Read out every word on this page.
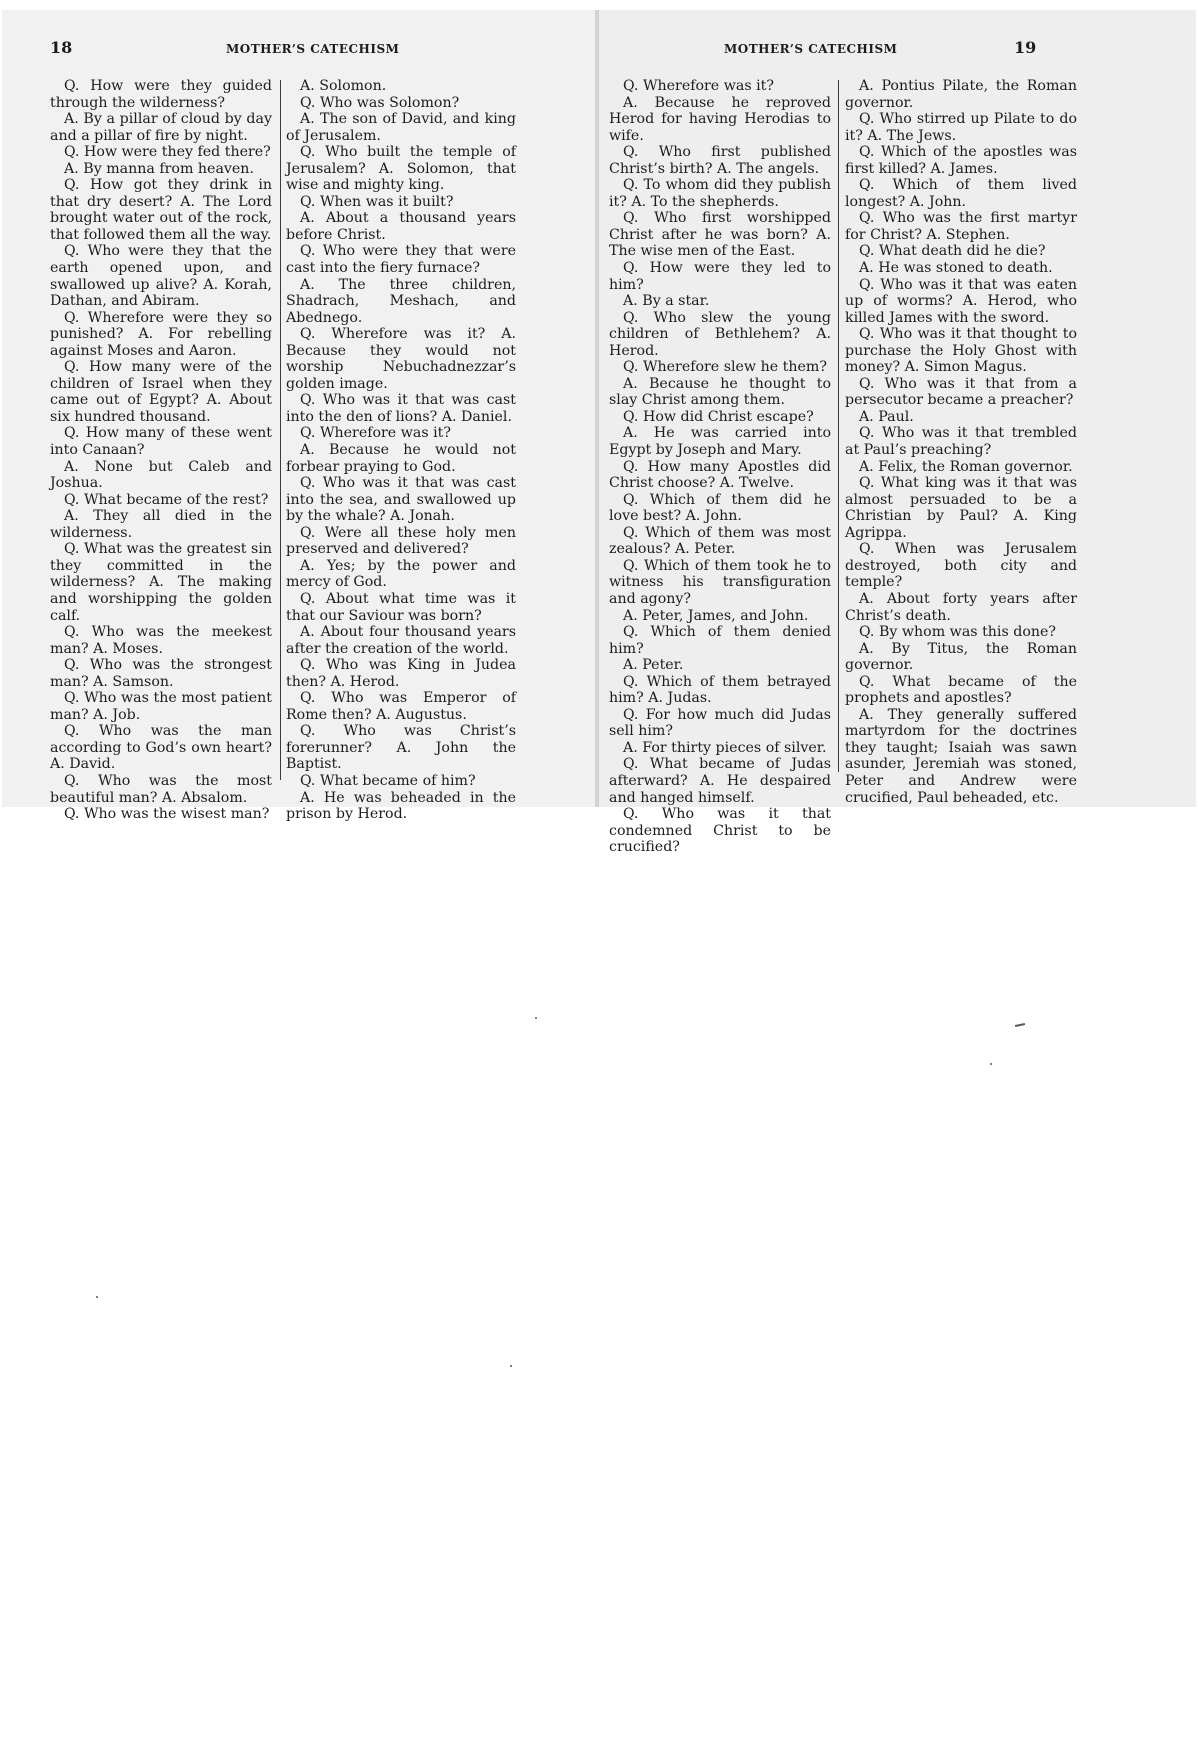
18	MOTHER’S CATECHISM

Q. How were they guided through the wilderness?

A. By a pillar of cloud by day and a pillar of fire by night.

Q. How were they fed there?

A. By manna from heaven.

Q. How got they drink in that dry desert? A. The Lord brought water out of the rock, that followed them all the way.

Q. Who were they that the earth opened upon, and swallowed up alive? A. Korah, Dathan, and Abiram.

Q. Wherefore were they so punished? A. For rebelling against Moses and Aaron.

Q. How many were of the children of Israel when they came out of Egypt? A. About six hundred thousand.

Q. How many of these went into Canaan?

A. None but Caleb and Joshua.

Q. What became of the rest?

A. They all died in the wilderness.

Q. What was the greatest sin they committed in the wilderness? A. The making and worshipping the golden calf.

Q. Who was the meekest man? A. Moses.

Q. Who was the strongest man? A. Samson.

Q. Who was the most patient man? A. Job.

Q. Who was the man according to God’s own heart? A. David.

Q. Who was the most beautiful man? A. Absalom.

Q. Who was the wisest man?

A. Solomon.

Q. Who was Solomon?

A. The son of David, and king of Jerusalem.

Q. Who built the temple of Jerusalem? A. Solomon, that wise and mighty king.

Q. When was it built?

A. About a thousand years before Christ.

Q. Who were they that were cast into the fiery furnace?

A. The three children, Shadrach, Meshach, and Abednego.

Q. Wherefore was it? A. Because they would not worship Nebuchadnezzar’s golden image.

Q. Who was it that was cast into the den of lions? A. Daniel.

Q. Wherefore was it?

A. Because he would not forbear praying to God.

Q. Who was it that was cast into the sea, and swallowed up by the whale? A. Jonah.

Q. Were all these holy men preserved and delivered?

A. Yes; by the power and mercy of God.

Q. About what time was it that our Saviour was born?

A. About four thousand years after the creation of the world.

Q. Who was King in Judea then? A. Herod.

Q. Who was Emperor of Rome then? A. Augustus.

Q. Who was Christ’s forerunner? A. John the Baptist.

Q. What became of him?

A. He was beheaded in the prison by Herod.

MOTHER’S CATECHISM	19

Q. Wherefore was it?

A. Because he reproved Herod for having Herodias to wife.

Q. Who first published Christ’s birth? A. The angels.

Q. To whom did they publish it? A. To the shepherds.

Q. Who first worshipped Christ after he was born? A. The wise men of the East.

Q. How were they led to him?

A. By a star.

Q. Who slew the young children of Bethlehem? A. Herod.

Q. Wherefore slew he them?

A. Because he thought to slay Christ among them.

Q. How did Christ escape?

A. He was carried into Egypt by Joseph and Mary.

Q. How many Apostles did Christ choose? A. Twelve.

Q. Which of them did he love best? A. John.

Q. Which of them was most zealous? A. Peter.

Q. Which of them took he to witness his transfiguration and agony?

A. Peter, James, and John.

Q. Which of them denied him?

A. Peter.

Q. Which of them betrayed him? A. Judas.

Q. For how much did Judas sell him?

A. For thirty pieces of silver.

Q. What became of Judas afterward? A. He despaired and hanged himself.

Q. Who was it that condemned Christ to be crucified?

A. Pontius Pilate, the Roman governor.

Q. Who stirred up Pilate to do it? A. The Jews.

Q. Which of the apostles was first killed? A. James.

Q. Which of them lived longest? A. John.

Q. Who was the first martyr for Christ? A. Stephen.

Q. What death did he die?

A. He was stoned to death.

Q. Who was it that was eaten up of worms? A. Herod, who killed James with the sword.

Q. Who was it that thought to purchase the Holy Ghost with money? A. Simon Magus.

Q. Who was it that from a persecutor became a preacher?

A. Paul.

Q. Who was it that trembled at Paul’s preaching?

A. Felix, the Roman governor.

Q. What king was it that was almost persuaded to be a Christian by Paul? A. King Agrippa.

Q. When was Jerusalem destroyed, both city and temple?

A. About forty years after Christ’s death.

Q. By whom was this done?

A. By Titus, the Roman governor.

Q. What became of the prophets and apostles?

A. They generally suffered martyrdom for the doctrines they taught; Isaiah was sawn asunder, Jeremiah was stoned, Peter and Andrew were crucified, Paul beheaded, etc.
